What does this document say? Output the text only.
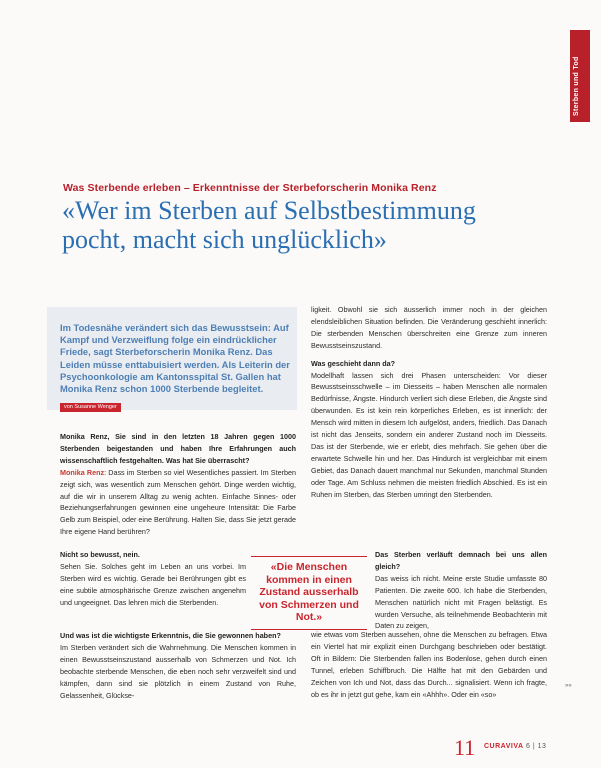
Sterben und Tod
Was Sterbende erleben – Erkenntnisse der Sterbeforscherin Monika Renz
«Wer im Sterben auf Selbstbestimmung pocht, macht sich unglücklich»
Im Todesnähe verändert sich das Bewusstsein: Auf Kampf und Verzweiflung folge ein eindrücklicher Friede, sagt Sterbeforscherin Monika Renz. Das Leiden müsse enttabuisiert werden. Als Leiterin der Psychoonkologie am Kantonsspital St. Gallen hat Monika Renz schon 1000 Sterbende begleitet.
von Susanne Wenger

Monika Renz, Sie sind in den letzten 18 Jahren gegen 1000 Sterbenden beigestanden und haben Ihre Erfahrungen auch wissenschaftlich festgehalten. Was hat Sie überrascht?

Monika Renz: Dass im Sterben so viel Wesentliches passiert. Im Sterben zeigt sich, was wesentlich zum Menschen gehört. Dinge werden wichtig, auf die wir in unserem Alltag zu wenig achten. Einfache Sinnes- oder Beziehungserfahrungen gewinnen eine ungeheure Intensität: Die Farbe Gelb zum Beispiel, oder eine Berührung. Halten Sie, dass Sie jetzt gerade Ihre eigene Hand berühren?

Nicht so bewusst, nein.

Sehen Sie. Solches geht im Leben an uns vorbei. Im Sterben wird es wichtig. Gerade bei Berührungen gibt es eine subtile atmosphärische Grenze zwischen angenehm und ungeeignet. Das lehren mich die Sterbenden.

Und was ist die wichtigste Erkenntnis, die Sie gewonnen haben?

Im Sterben verändert sich die Wahrnehmung. Die Menschen kommen in einen Bewusstseinszustand ausserhalb von Schmerzen und Not. Ich beobachte sterbende Menschen, die eben noch sehr verzweifelt sind und kämpfen, dann sind sie plötzlich in einem Zustand von Ruhe, Gelassenheit, Glückse-

«Die Menschen kommen in einen Zustand ausserhalb von Schmerzen und Not.»

ligkeit. Obwohl sie sich äusserlich immer noch in der gleichen elendsleiblichen Situation befinden. Die Veränderung geschieht innerlich: Die sterbenden Menschen überschreiten eine Grenze zum inneren Bewusstseinszustand.

Was geschieht dann da?

Modellhaft lassen sich drei Phasen unterscheiden: Vor dieser Bewusstseinsschwelle – im Diesseits – haben Menschen alle normalen Bedürfnisse, Ängste. Hindurch verliert sich diese Erleben, die Ängste sind überwunden. Es ist kein rein körperliches Erleben, es ist innerlich: der Mensch wird mitten in diesem Ich aufgelöst, anders, friedlich. Das Danach ist nicht das Jenseits, sondern ein anderer Zustand noch im Diesseits. Das ist der Sterbende, wie er erlebt, dies mehrfach. Sie gehen über die erwartete Schwelle hin und her. Das Hindurch ist vergleichbar mit einem Gebiet, das Danach dauert manchmal nur Sekunden, manchmal Stunden oder Tage. Am Schluss nehmen die meisten friedlich Abschied. Es ist ein Ruhen im Sterben, das Sterben umringt den Sterbenden.

Das Sterben verläuft demnach bei uns allen gleich?

Das weiss ich nicht. Meine erste Studie umfasste 80 Patienten. Die zweite 600. Ich habe die Sterbenden, Menschen natürlich nicht mit Fragen belästigt. Es wurden Versuche, als teilnehmende Beobachterin mit Daten zu zeigen,

wie etwas vom Sterben aussehen, ohne die Menschen zu befragen. Etwa ein Viertel hat mir explizit einen Durchgang beschrieben oder bestätigt. Oft in Bildern: Die Sterbenden fallen ins Bodenlose, gehen durch einen Tunnel, erleben Schiffbruch. Die Hälfte hat mit den Gebärden und Zeichen von Ich und Not, dass das Durch... signalisiert. Wenn ich fragte, ob es ihr in jetzt gut gehe, kam ein «Ahhh». Oder ein «so»

»»
11 CURAVIVA 6 | 13
